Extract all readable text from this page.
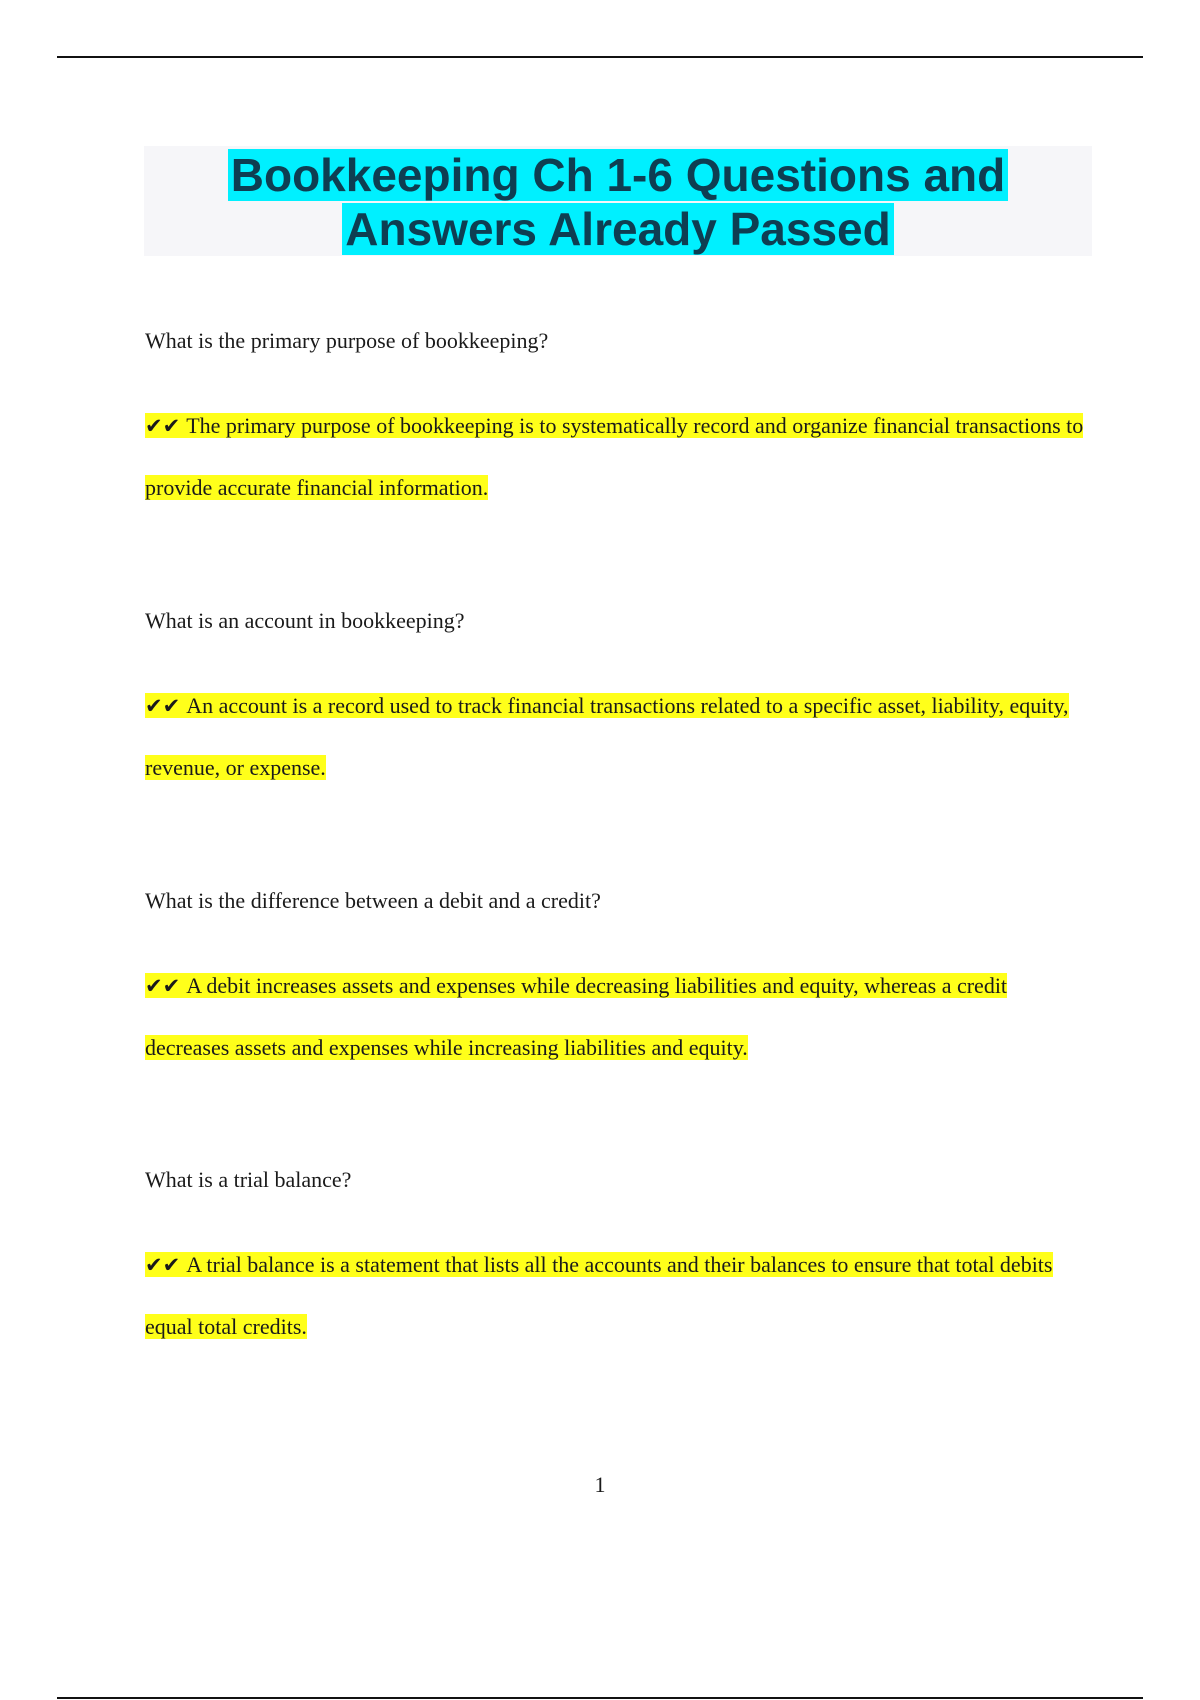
Bookkeeping Ch 1-6 Questions and
Answers Already Passed

What is the primary purpose of bookkeeping?

✔✔ The primary purpose of bookkeeping is to systematically record and organize financial transactions to provide accurate financial information.

What is an account in bookkeeping?

✔✔ An account is a record used to track financial transactions related to a specific asset, liability, equity, revenue, or expense.

What is the difference between a debit and a credit?

✔✔ A debit increases assets and expenses while decreasing liabilities and equity, whereas a credit decreases assets and expenses while increasing liabilities and equity.

What is a trial balance?

✔✔ A trial balance is a statement that lists all the accounts and their balances to ensure that total debits equal total credits.

1
